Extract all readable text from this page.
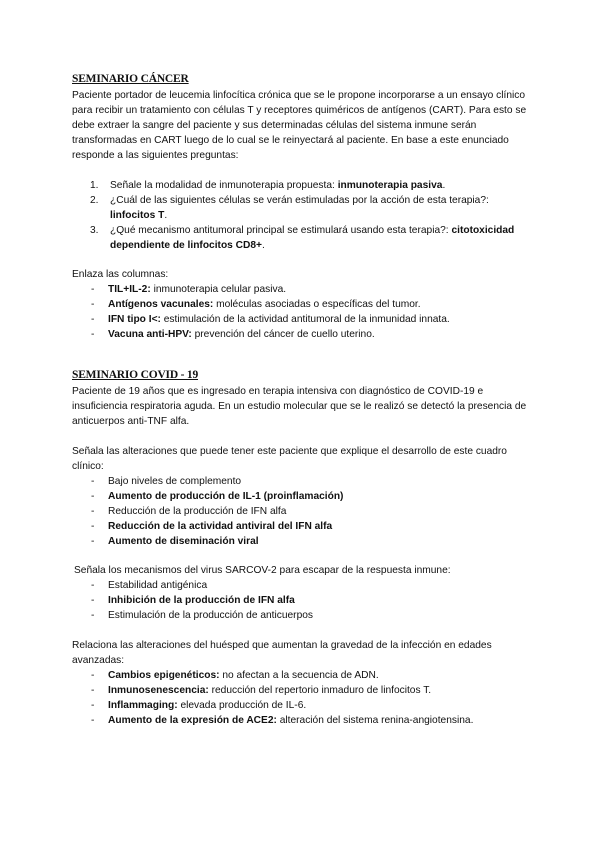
SEMINARIO CÁNCER

Paciente portador de leucemia linfocítica crónica que se le propone incorporarse a un ensayo clínico para recibir un tratamiento con células T y receptores quiméricos de antígenos (CART). Para esto se debe extraer la sangre del paciente y sus determinadas células del sistema inmune serán transformadas en CART luego de lo cual se le reinyectará al paciente. En base a este enunciado responde a las siguientes preguntas:

1. Señale la modalidad de inmunoterapia propuesta: inmunoterapia pasiva.
2. ¿Cuál de las siguientes células se verán estimuladas por la acción de esta terapia?: linfocitos T.
3. ¿Qué mecanismo antitumoral principal se estimulará usando esta terapia?: citotoxicidad dependiente de linfocitos CD8+.

Enlaza las columnas:

- TIL+IL-2: inmunoterapia celular pasiva.
- Antígenos vacunales: moléculas asociadas o específicas del tumor.
- IFN tipo I<: estimulación de la actividad antitumoral de la inmunidad innata.
- Vacuna anti-HPV: prevención del cáncer de cuello uterino.
SEMINARIO COVID - 19

Paciente de 19 años que es ingresado en terapia intensiva con diagnóstico de COVID-19 e insuficiencia respiratoria aguda. En un estudio molecular que se le realizó se detectó la presencia de anticuerpos anti-TNF alfa.

Señala las alteraciones que puede tener este paciente que explique el desarrollo de este cuadro clínico:

- Bajo niveles de complemento
- Aumento de producción de IL-1 (proinflamación)
- Reducción de la producción de IFN alfa
- Reducción de la actividad antiviral del IFN alfa
- Aumento de diseminación viral

Señala los mecanismos del virus SARCOV-2 para escapar de la respuesta inmune:

- Estabilidad antigénica
- Inhibición de la producción de IFN alfa
- Estimulación de la producción de anticuerpos

Relaciona las alteraciones del huésped que aumentan la gravedad de la infección en edades avanzadas:

- Cambios epigenéticos: no afectan a la secuencia de ADN.
- Inmunosenescencia: reducción del repertorio inmaduro de linfocitos T.
- Inflammaging: elevada producción de IL-6.
- Aumento de la expresión de ACE2: alteración del sistema renina-angiotensina.
